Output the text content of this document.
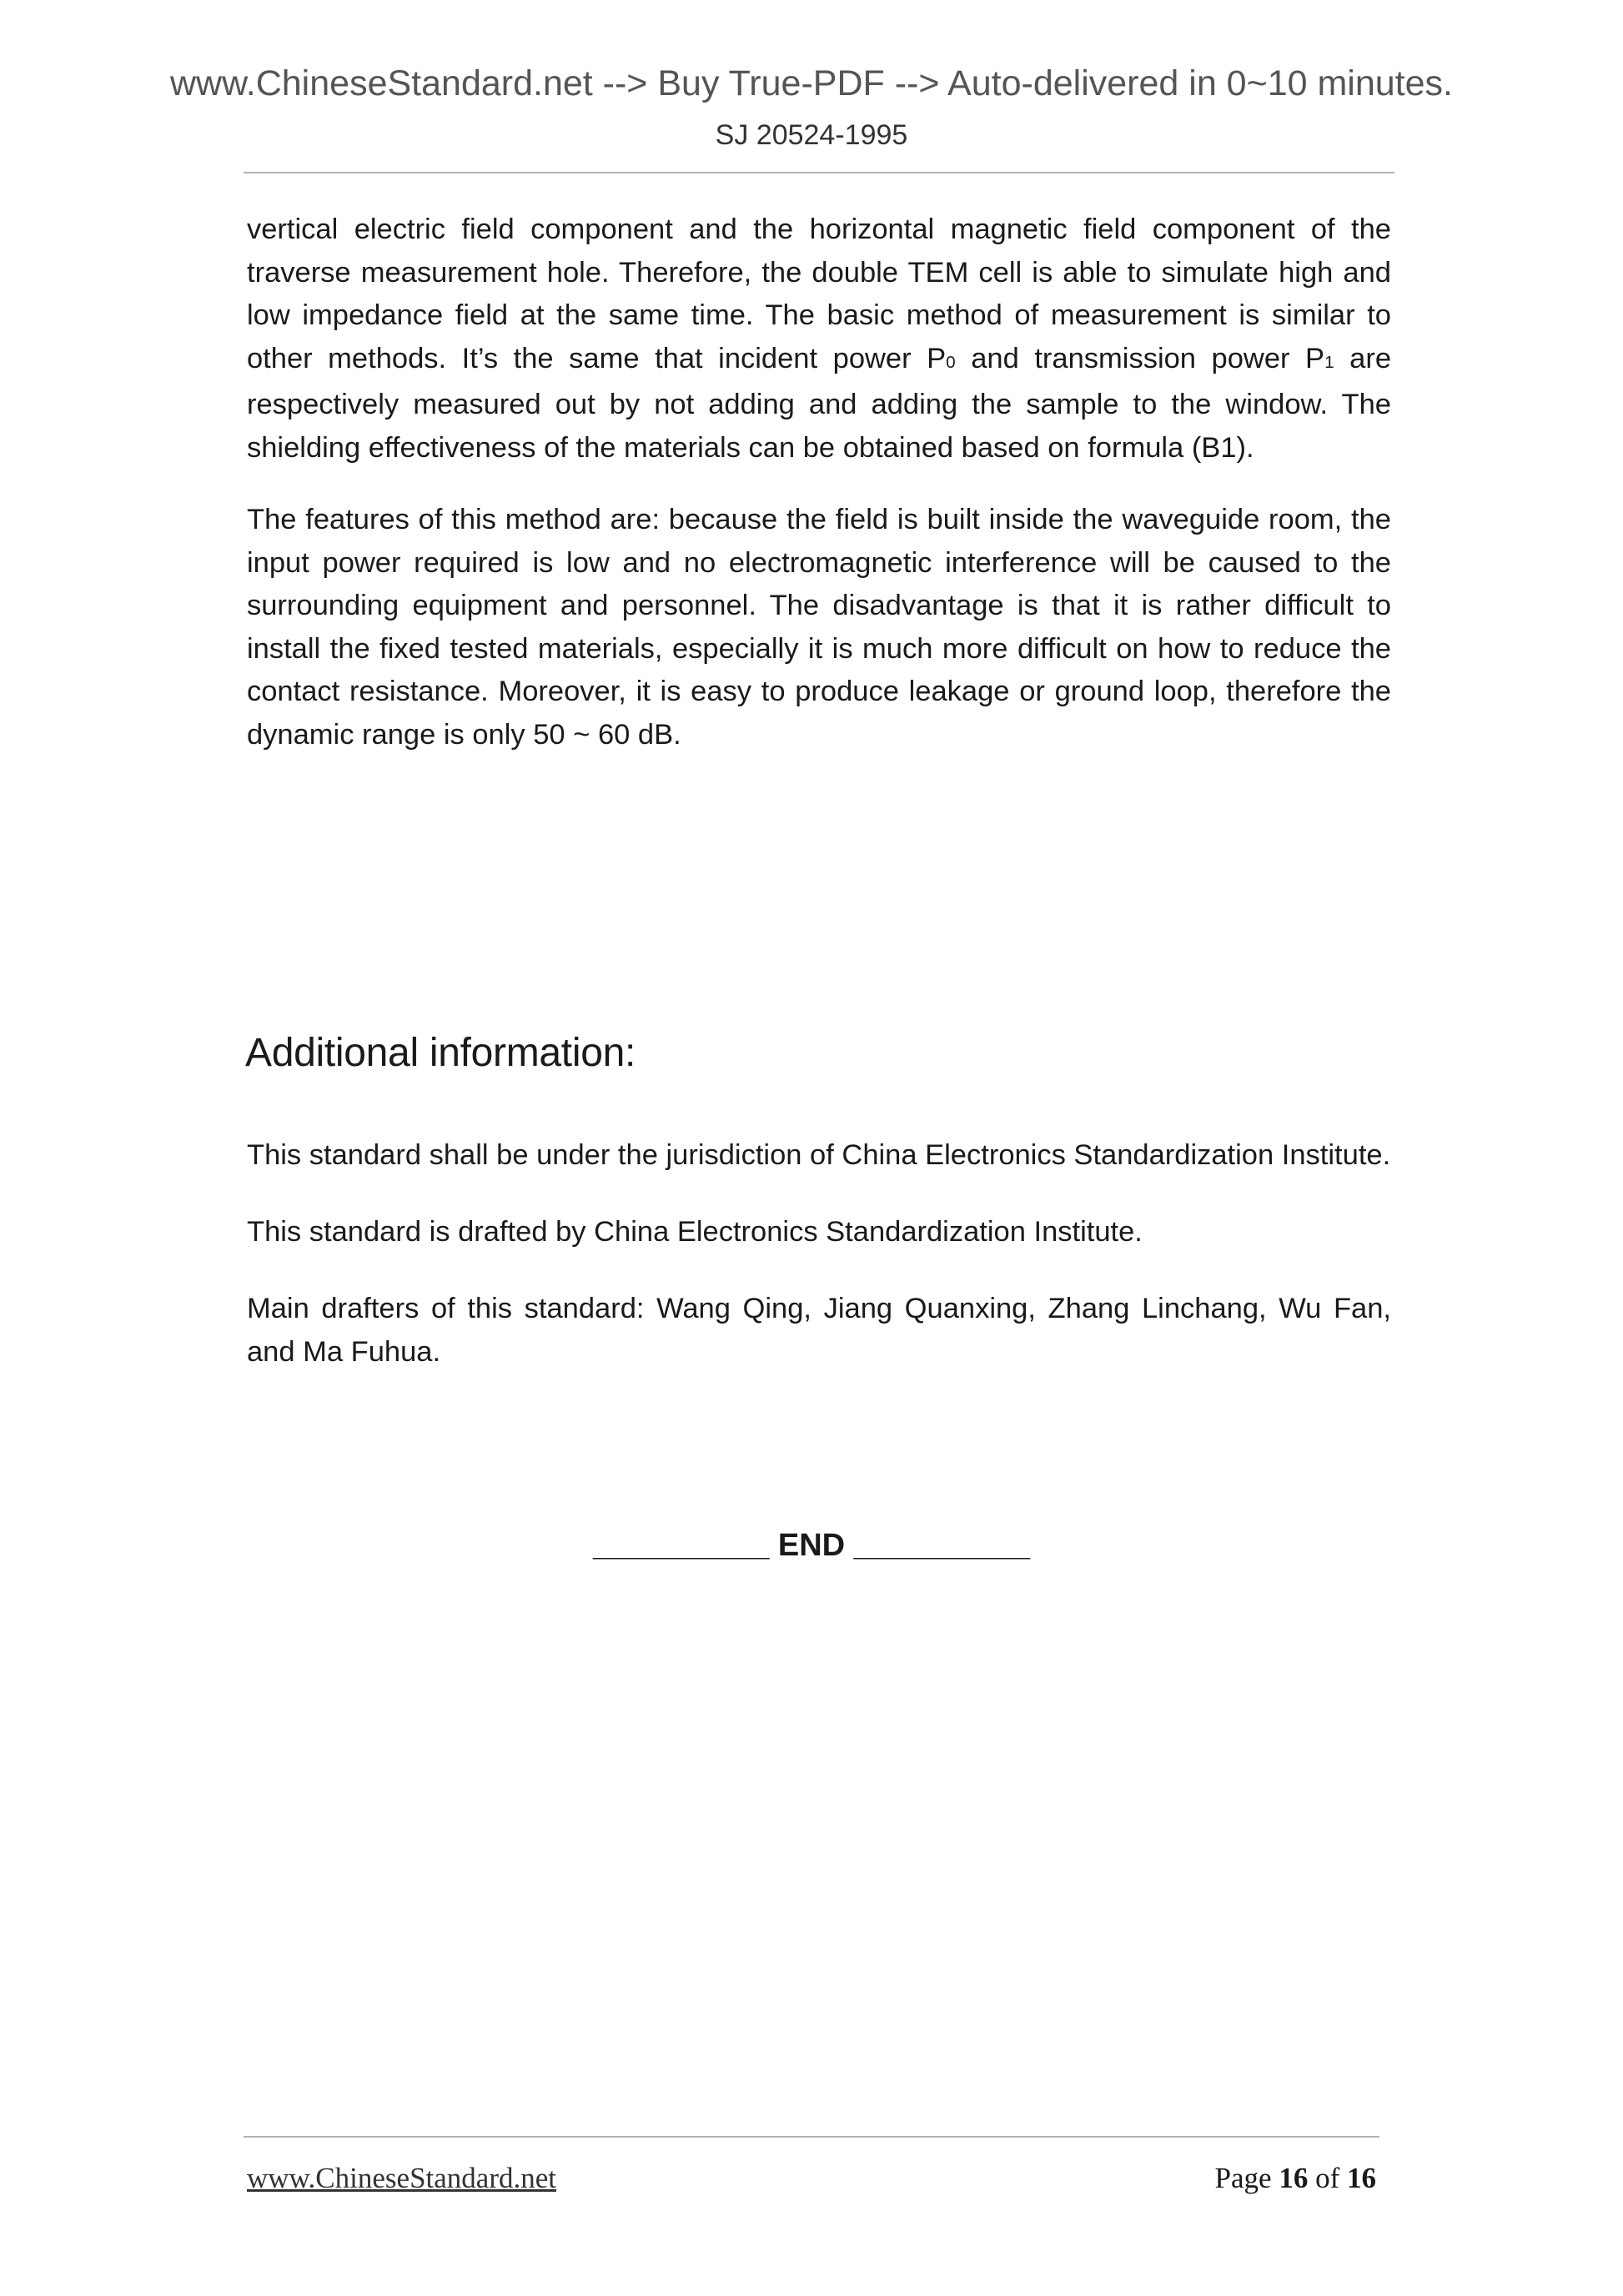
www.ChineseStandard.net --> Buy True-PDF --> Auto-delivered in 0~10 minutes.
SJ 20524-1995

vertical electric field component and the horizontal magnetic field component of the traverse measurement hole. Therefore, the double TEM cell is able to simulate high and low impedance field at the same time. The basic method of measurement is similar to other methods. It’s the same that incident power P0 and transmission power P1 are respectively measured out by not adding and adding the sample to the window. The shielding effectiveness of the materials can be obtained based on formula (B1).

The features of this method are: because the field is built inside the waveguide room, the input power required is low and no electromagnetic interference will be caused to the surrounding equipment and personnel. The disadvantage is that it is rather difficult to install the fixed tested materials, especially it is much more difficult on how to reduce the contact resistance. Moreover, it is easy to produce leakage or ground loop, therefore the dynamic range is only 50 ~ 60 dB.

Additional information:

This standard shall be under the jurisdiction of China Electronics Standardization Institute.

This standard is drafted by China Electronics Standardization Institute.

Main drafters of this standard: Wang Qing, Jiang Quanxing, Zhang Linchang, Wu Fan, and Ma Fuhua.

__________ END __________
www.ChineseStandard.net	Page 16 of 16
